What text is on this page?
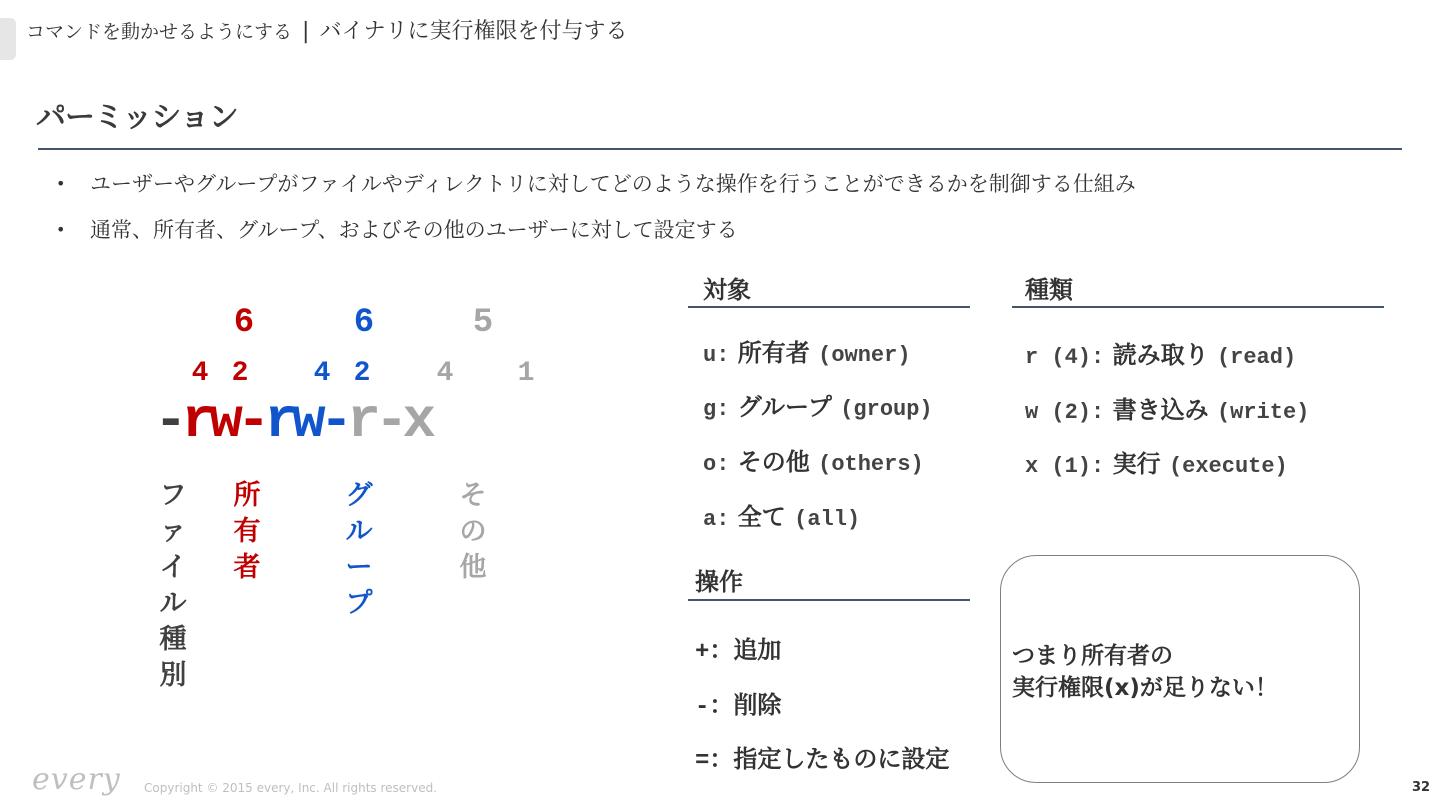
コマンドを動かせるようにする | バイナリに実行権限を付与する
パーミッション
• ユーザーやグループがファイルやディレクトリに対してどのような操作を行うことができるかを制御する仕組み
• 通常、所有者、グループ、およびその他のユーザーに対して設定する
6	6	5
4 2 4 2 4 1
-rw-rw-r-x
ファイル種別
所有者
グループ
その他
対象
u: 所有者 (owner)
g: グループ (group)
o: その他 (others)
a: 全て (all)
種類
r (4): 読み取り (read)
w (2): 書き込み (write)
x (1): 実行 (execute)
操作
+：追加
-：削除
=：指定したものに設定
つまり所有者の
実行権限(x)が足りない！
every Copyright © 2015 every, Inc. All rights reserved.	32
